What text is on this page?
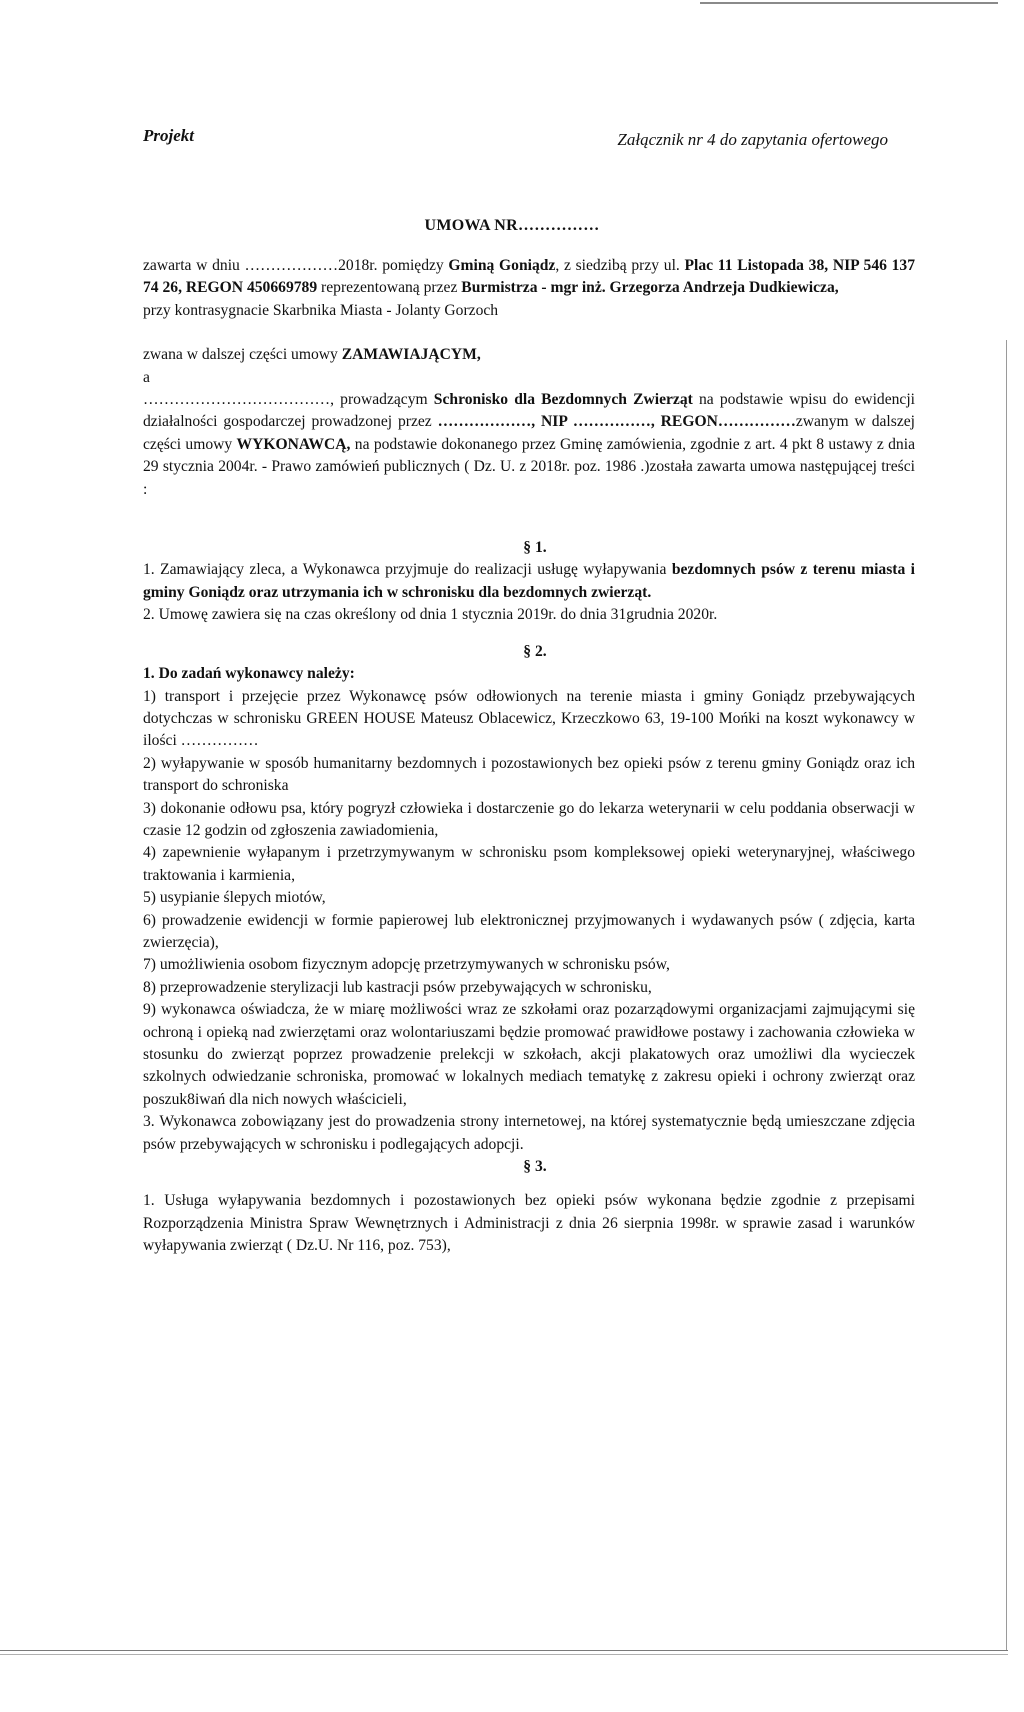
Projekt	Załącznik nr 4 do zapytania ofertowego
UMOWA NR……………

zawarta w dniu ………………2018r. pomiędzy Gminą Goniądz, z siedzibą przy ul. Plac 11 Listopada 38, NIP 546 137 74 26, REGON 450669789 reprezentowaną przez Burmistrza - mgr inż. Grzegorza Andrzeja Dudkiewicza,

przy kontrasygnacie Skarbnika Miasta - Jolanty Gorzoch

zwana w dalszej części umowy ZAMAWIAJĄCYM,

a

………………………………, prowadzącym Schronisko dla Bezdomnych Zwierząt na podstawie wpisu do ewidencji działalności gospodarczej prowadzonej przez ………………, NIP ……………, REGON……………zwanym w dalszej części umowy WYKONAWCĄ, na podstawie dokonanego przez Gminę zamówienia, zgodnie z art. 4 pkt 8 ustawy z dnia 29 stycznia 2004r. - Prawo zamówień publicznych ( Dz. U. z 2018r. poz. 1986 .)została zawarta umowa następującej treści :

§ 1.

1. Zamawiający zleca, a Wykonawca przyjmuje do realizacji usługę wyłapywania bezdomnych psów z terenu miasta i gminy Goniądz oraz utrzymania ich w schronisku dla bezdomnych zwierząt.

2. Umowę zawiera się na czas określony od dnia 1 stycznia 2019r. do dnia 31grudnia 2020r.

§ 2.

1. Do zadań wykonawcy należy:

1) transport i przejęcie przez Wykonawcę psów odłowionych na terenie miasta i gminy Goniądz przebywających dotychczas w schronisku GREEN HOUSE Mateusz Oblacewicz, Krzeczkowo 63, 19-100 Mońki na koszt wykonawcy w ilości ……………

2) wyłapywanie w sposób humanitarny bezdomnych i pozostawionych bez opieki psów z terenu gminy Goniądz oraz ich transport do schroniska

3) dokonanie odłowu psa, który pogryzł człowieka i dostarczenie go do lekarza weterynarii w celu poddania obserwacji w czasie 12 godzin od zgłoszenia zawiadomienia,

4) zapewnienie wyłapanym i przetrzymywanym w schronisku psom kompleksowej opieki weterynaryjnej, właściwego traktowania i karmienia,

5) usypianie ślepych miotów,

6) prowadzenie ewidencji w formie papierowej lub elektronicznej przyjmowanych i wydawanych psów ( zdjęcia, karta zwierzęcia),

7) umożliwienia osobom fizycznym adopcję przetrzymywanych w schronisku psów,

8) przeprowadzenie sterylizacji lub kastracji psów przebywających w schronisku,

9) wykonawca oświadcza, że w miarę możliwości wraz ze szkołami oraz pozarządowymi organizacjami zajmującymi się ochroną i opieką nad zwierzętami oraz wolontariuszami będzie promować prawidłowe postawy i zachowania człowieka w stosunku do zwierząt poprzez prowadzenie prelekcji w szkołach, akcji plakatowych oraz umożliwi dla wycieczek szkolnych odwiedzanie schroniska, promować w lokalnych mediach tematykę z zakresu opieki i ochrony zwierząt oraz poszuk8iwań dla nich nowych właścicieli,

3. Wykonawca zobowiązany jest do prowadzenia strony internetowej, na której systematycznie będą umieszczane zdjęcia psów przebywających w schronisku i podlegających adopcji.

§ 3.

1. Usługa wyłapywania bezdomnych i pozostawionych bez opieki psów wykonana będzie zgodnie z przepisami Rozporządzenia Ministra Spraw Wewnętrznych i Administracji z dnia 26 sierpnia 1998r. w sprawie zasad i warunków wyłapywania zwierząt ( Dz.U. Nr 116, poz. 753),
